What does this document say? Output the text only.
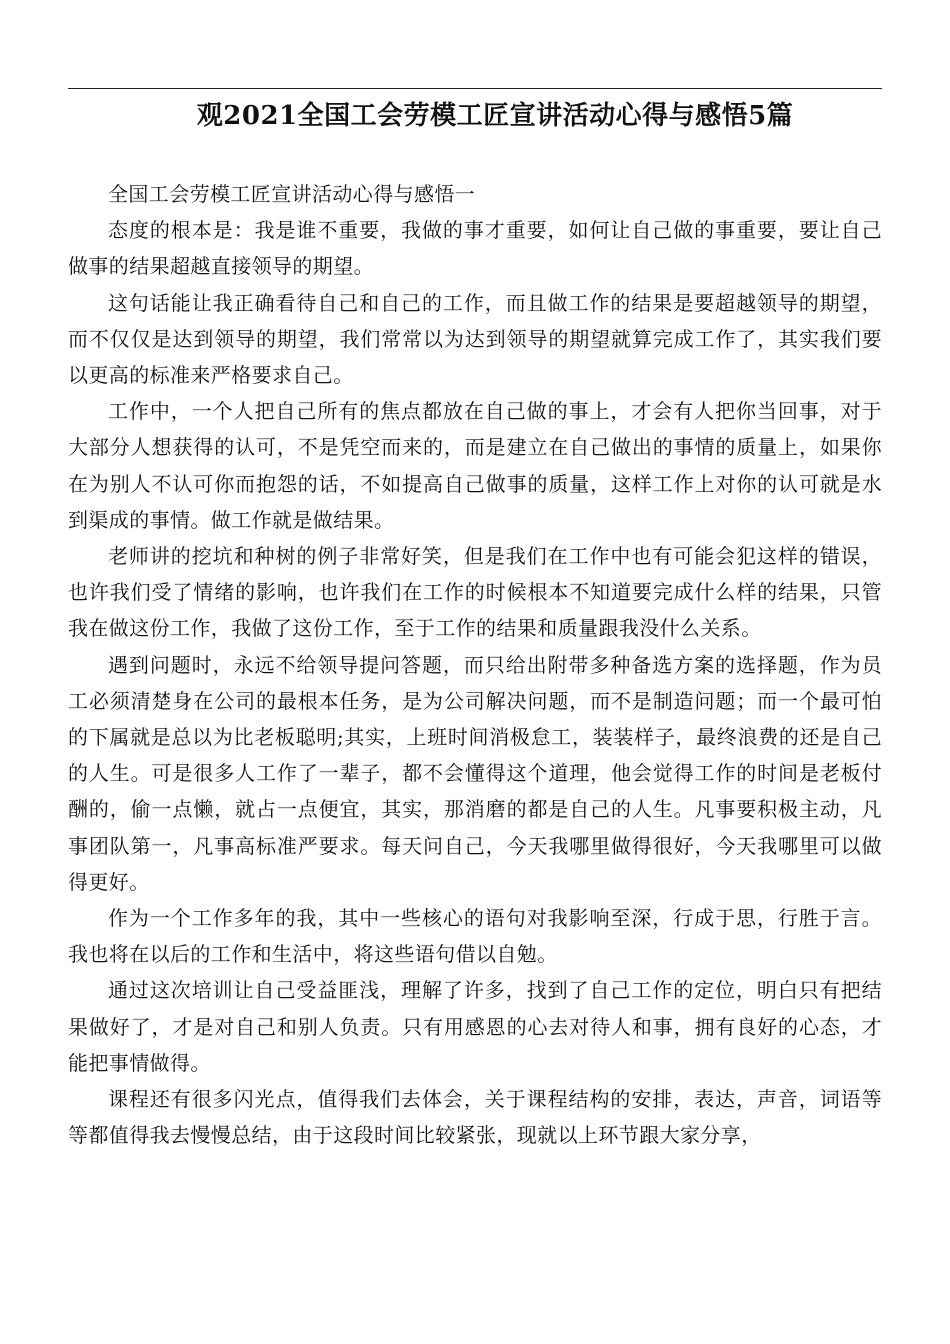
观2021全国工会劳模工匠宣讲活动心得与感悟5篇

全国工会劳模工匠宣讲活动心得与感悟一

态度的根本是：我是谁不重要，我做的事才重要，如何让自己做的事重要，要让自己做事的结果超越直接领导的期望。

这句话能让我正确看待自己和自己的工作，而且做工作的结果是要超越领导的期望，而不仅仅是达到领导的期望，我们常常以为达到领导的期望就算完成工作了，其实我们要以更高的标准来严格要求自己。

工作中，一个人把自己所有的焦点都放在自己做的事上，才会有人把你当回事，对于大部分人想获得的认可，不是凭空而来的，而是建立在自己做出的事情的质量上，如果你在为别人不认可你而抱怨的话，不如提高自己做事的质量，这样工作上对你的认可就是水到渠成的事情。做工作就是做结果。

老师讲的挖坑和种树的例子非常好笑，但是我们在工作中也有可能会犯这样的错误，也许我们受了情绪的影响，也许我们在工作的时候根本不知道要完成什么样的结果，只管我在做这份工作，我做了这份工作，至于工作的结果和质量跟我没什么关系。

遇到问题时，永远不给领导提问答题，而只给出附带多种备选方案的选择题，作为员工必须清楚身在公司的最根本任务，是为公司解决问题，而不是制造问题；而一个最可怕的下属就是总以为比老板聪明;其实，上班时间消极怠工，装装样子，最终浪费的还是自己的人生。可是很多人工作了一辈子，都不会懂得这个道理，他会觉得工作的时间是老板付酬的，偷一点懒，就占一点便宜，其实，那消磨的都是自己的人生。凡事要积极主动，凡事团队第一，凡事高标准严要求。每天问自己，今天我哪里做得很好，今天我哪里可以做得更好。

作为一个工作多年的我，其中一些核心的语句对我影响至深，行成于思，行胜于言。我也将在以后的工作和生活中，将这些语句借以自勉。

通过这次培训让自己受益匪浅，理解了许多，找到了自己工作的定位，明白只有把结果做好了，才是对自己和别人负责。只有用感恩的心去对待人和事，拥有良好的心态，才能把事情做得。

课程还有很多闪光点，值得我们去体会，关于课程结构的安排，表达，声音，词语等等都值得我去慢慢总结，由于这段时间比较紧张，现就以上环节跟大家分享，
